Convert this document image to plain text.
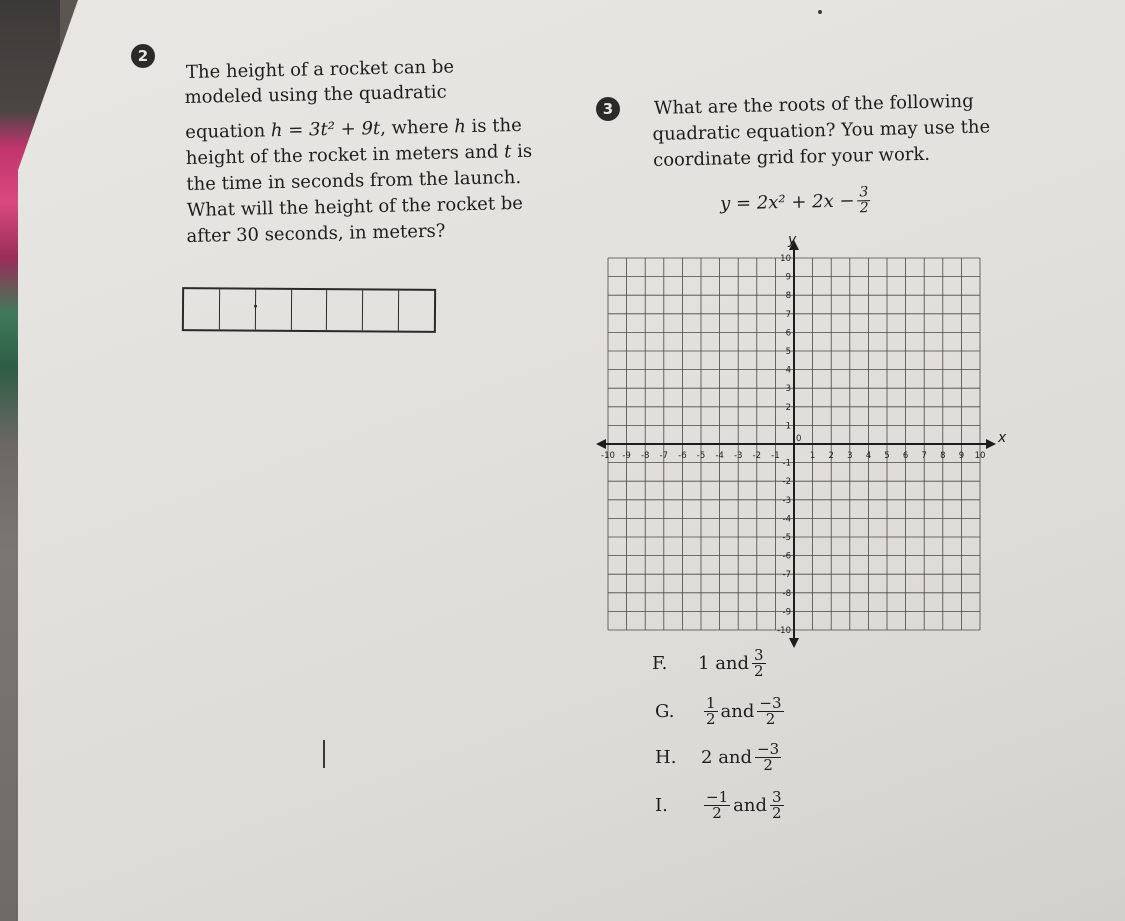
2
The height of a rocket can be
modeled using the quadratic
equation h = 3t² + 9t, where h is the
height of the rocket in meters and t is
the time in seconds from the launch.
What will the height of the rocket be
after 30 seconds, in meters?
3	What are the roots of the following
quadratic equation? You may use the
coordinate grid for your work.
$y = 2x^2 + 2x - \frac{3}{2}$
x
y
-10 -9 -8 -7 -6 -5 -4 -3 -2 -1	1 2 3 4 5 6 7 8 9 10
10
9
8
7
6
5
4
3
2
1
-1
-2
-3
-4
-5
-6
-7
-8
-9
-10
0
F.	1
and $\frac{3}{2}$
G.	$\frac{1}{2}$ and $\frac{-3}{2}$
H.	2
and $\frac{-3}{2}$
I.	$\frac{-1}{2}$ and $\frac{3}{2}$
